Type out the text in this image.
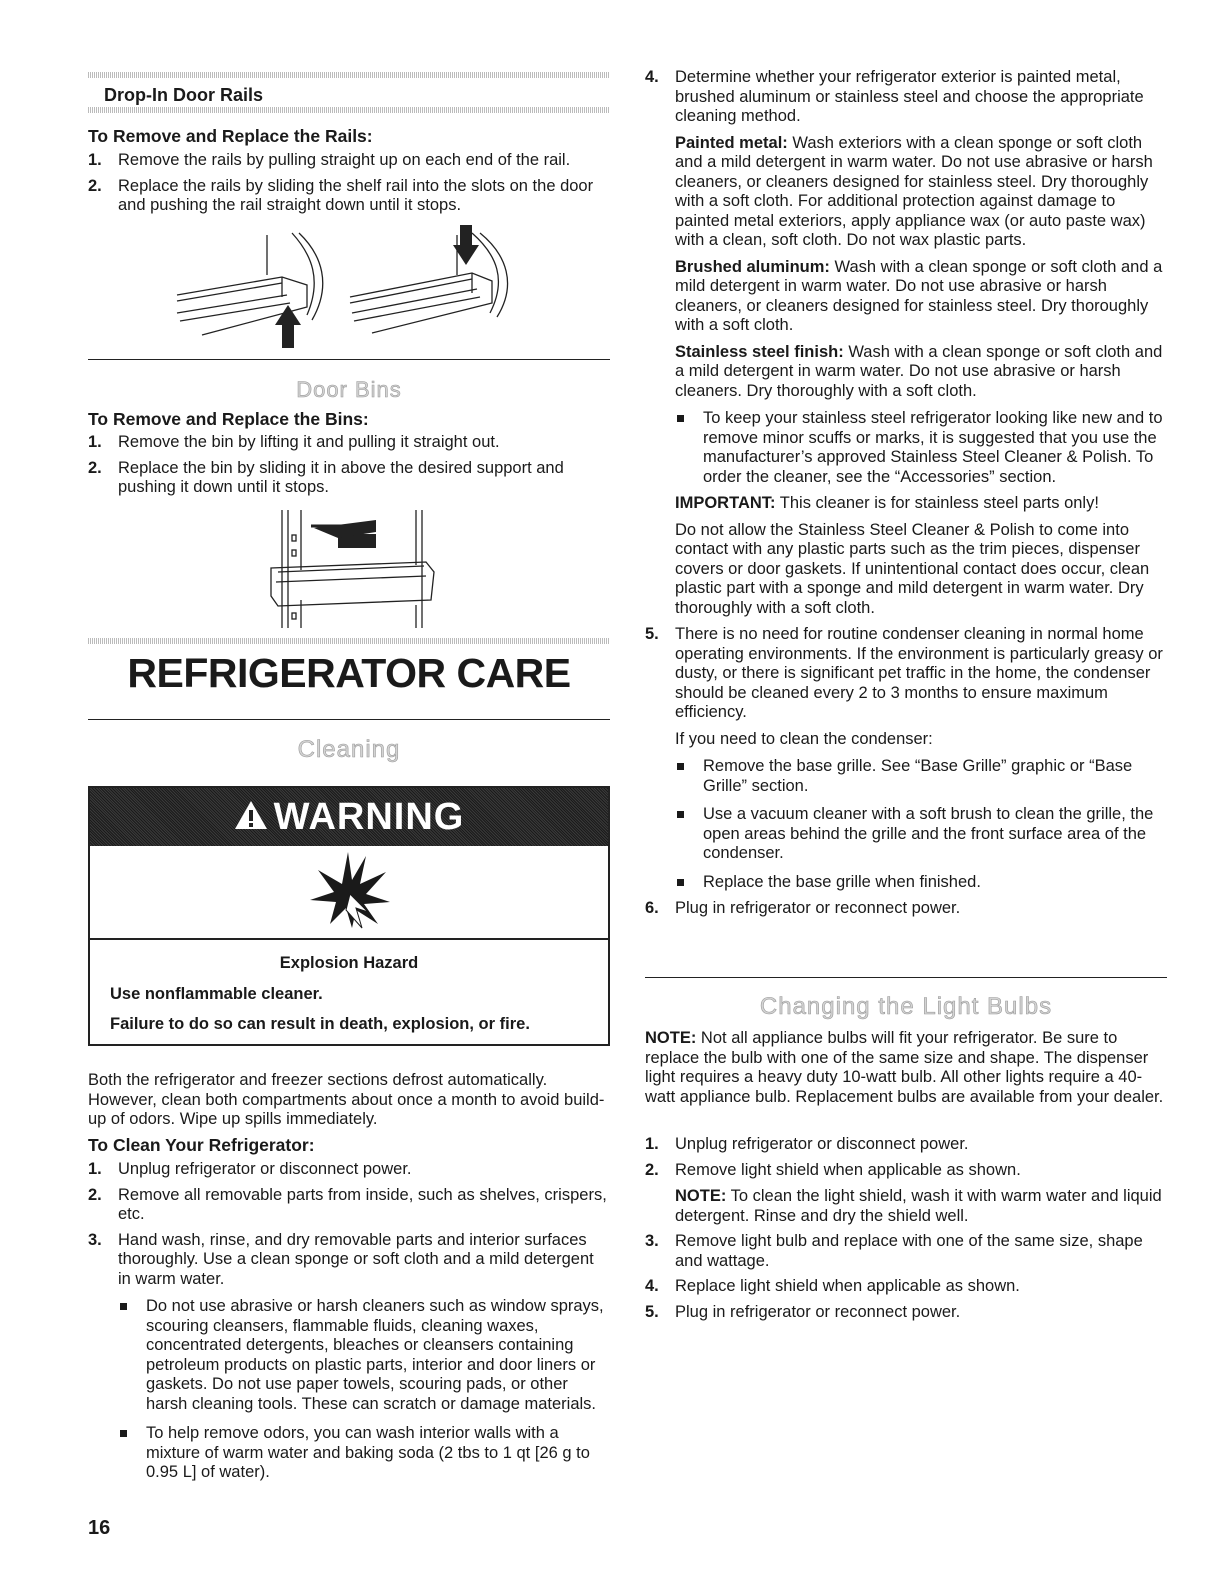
Drop-In Door Rails
To Remove and Replace the Rails:
1. Remove the rails by pulling straight up on each end of the rail.
2. Replace the rails by sliding the shelf rail into the slots on the door and pushing the rail straight down until it stops.
Door Bins
To Remove and Replace the Bins:
1. Remove the bin by lifting it and pulling it straight out.
2. Replace the bin by sliding it in above the desired support and pushing it down until it stops.
REFRIGERATOR CARE
Cleaning
WARNING

Explosion Hazard

Use nonflammable cleaner.

Failure to do so can result in death, explosion, or fire.

Both the refrigerator and freezer sections defrost automatically. However, clean both compartments about once a month to avoid build-up of odors. Wipe up spills immediately.

To Clean Your Refrigerator:
1. Unplug refrigerator or disconnect power.
2. Remove all removable parts from inside, such as shelves, crispers, etc.
3. Hand wash, rinse, and dry removable parts and interior surfaces thoroughly. Use a clean sponge or soft cloth and a mild detergent in warm water.
Do not use abrasive or harsh cleaners such as window sprays, scouring cleansers, flammable fluids, cleaning waxes, concentrated detergents, bleaches or cleansers containing petroleum products on plastic parts, interior and door liners or gaskets. Do not use paper towels, scouring pads, or other harsh cleaning tools. These can scratch or damage materials.
To help remove odors, you can wash interior walls with a mixture of warm water and baking soda (2 tbs to 1 qt [26 g to 0.95 L] of water).

16

4. Determine whether your refrigerator exterior is painted metal, brushed aluminum or stainless steel and choose the appropriate cleaning method.

Painted metal: Wash exteriors with a clean sponge or soft cloth and a mild detergent in warm water. Do not use abrasive or harsh cleaners, or cleaners designed for stainless steel. Dry thoroughly with a soft cloth. For additional protection against damage to painted metal exteriors, apply appliance wax (or auto paste wax) with a clean, soft cloth. Do not wax plastic parts.

Brushed aluminum: Wash with a clean sponge or soft cloth and a mild detergent in warm water. Do not use abrasive or harsh cleaners, or cleaners designed for stainless steel. Dry thoroughly with a soft cloth.

Stainless steel finish: Wash with a clean sponge or soft cloth and a mild detergent in warm water. Do not use abrasive or harsh cleaners. Dry thoroughly with a soft cloth.

To keep your stainless steel refrigerator looking like new and to remove minor scuffs or marks, it is suggested that you use the manufacturer’s approved Stainless Steel Cleaner & Polish. To order the cleaner, see the “Accessories” section.

IMPORTANT: This cleaner is for stainless steel parts only!

Do not allow the Stainless Steel Cleaner & Polish to come into contact with any plastic parts such as the trim pieces, dispenser covers or door gaskets. If unintentional contact does occur, clean plastic part with a sponge and mild detergent in warm water. Dry thoroughly with a soft cloth.

5. There is no need for routine condenser cleaning in normal home operating environments. If the environment is particularly greasy or dusty, or there is significant pet traffic in the home, the condenser should be cleaned every 2 to 3 months to ensure maximum efficiency.

If you need to clean the condenser:

Remove the base grille. See “Base Grille” graphic or “Base Grille” section.
Use a vacuum cleaner with a soft brush to clean the grille, the open areas behind the grille and the front surface area of the condenser.
Replace the base grille when finished.
6. Plug in refrigerator or reconnect power.
Changing the Light Bulbs

NOTE: Not all appliance bulbs will fit your refrigerator. Be sure to replace the bulb with one of the same size and shape. The dispenser light requires a heavy duty 10-watt bulb. All other lights require a 40-watt appliance bulb. Replacement bulbs are available from your dealer.

1. Unplug refrigerator or disconnect power.
2. Remove light shield when applicable as shown.

NOTE: To clean the light shield, wash it with warm water and liquid detergent. Rinse and dry the shield well.

3. Remove light bulb and replace with one of the same size, shape and wattage.
4. Replace light shield when applicable as shown.
5. Plug in refrigerator or reconnect power.
